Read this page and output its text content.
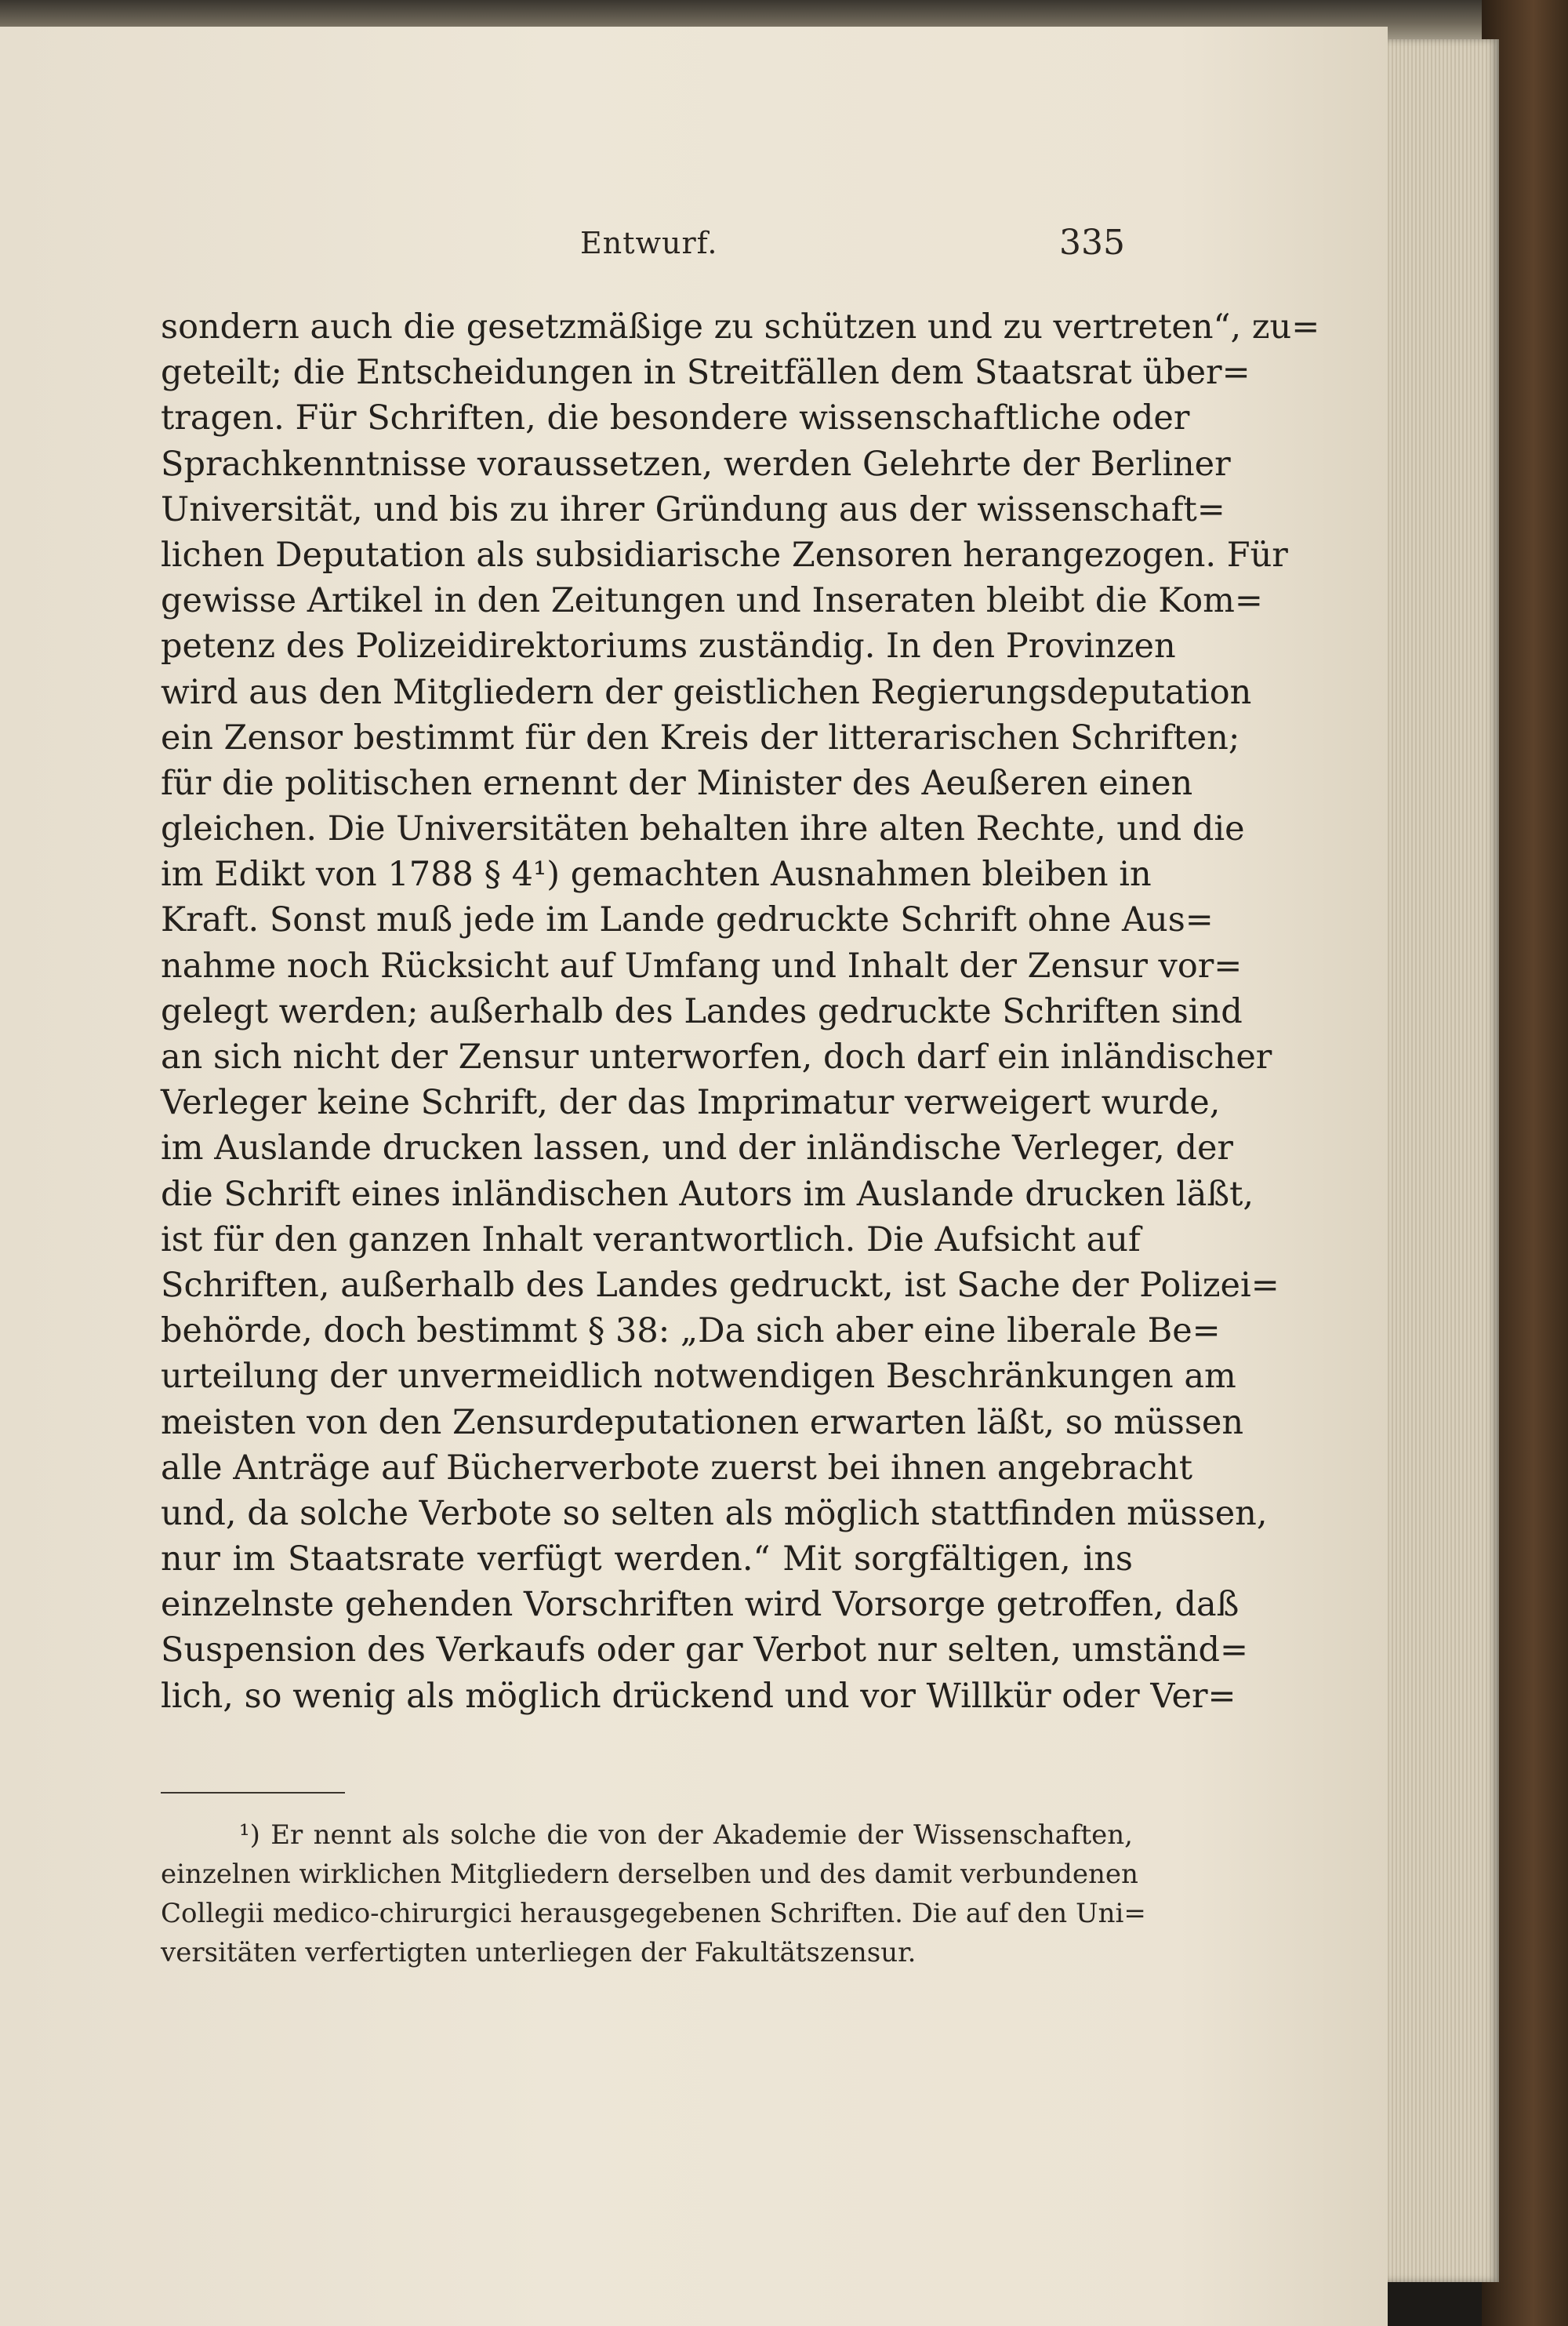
Entwurf.	335
sondern auch die gesetzmäßige zu schützen und zu vertreten“, zu=
geteilt; die Entscheidungen in Streitfällen dem Staatsrat über=
tragen. Für Schriften, die besondere wissenschaftliche oder
Sprachkenntnisse voraussetzen, werden Gelehrte der Berliner
Universität, und bis zu ihrer Gründung aus der wissenschaft=
lichen Deputation als subsidiarische Zensoren herangezogen. Für
gewisse Artikel in den Zeitungen und Inseraten bleibt die Kom=
petenz des Polizeidirektoriums zuständig. In den Provinzen
wird aus den Mitgliedern der geistlichen Regierungsdeputation
ein Zensor bestimmt für den Kreis der litterarischen Schriften;
für die politischen ernennt der Minister des Aeußeren einen
gleichen. Die Universitäten behalten ihre alten Rechte, und die
im Edikt von 1788 § 4¹) gemachten Ausnahmen bleiben in
Kraft. Sonst muß jede im Lande gedruckte Schrift ohne Aus=
nahme noch Rücksicht auf Umfang und Inhalt der Zensur vor=
gelegt werden; außerhalb des Landes gedruckte Schriften sind
an sich nicht der Zensur unterworfen, doch darf ein inländischer
Verleger keine Schrift, der das Imprimatur verweigert wurde,
im Auslande drucken lassen, und der inländische Verleger, der
die Schrift eines inländischen Autors im Auslande drucken läßt,
ist für den ganzen Inhalt verantwortlich. Die Aufsicht auf
Schriften, außerhalb des Landes gedruckt, ist Sache der Polizei=
behörde, doch bestimmt § 38: „Da sich aber eine liberale Be=
urteilung der unvermeidlich notwendigen Beschränkungen am
meisten von den Zensurdeputationen erwarten läßt, so müssen
alle Anträge auf Bücherverbote zuerst bei ihnen angebracht
und, da solche Verbote so selten als möglich stattfinden müssen,
nur im Staatsrate verfügt werden.“ Mit sorgfältigen, ins
einzelnste gehenden Vorschriften wird Vorsorge getroffen, daß
Suspension des Verkaufs oder gar Verbot nur selten, umständ=
lich, so wenig als möglich drückend und vor Willkür oder Ver=
¹) Er nennt als solche die von der Akademie der Wissenschaften,
einzelnen wirklichen Mitgliedern derselben und des damit verbundenen
Collegii medico-chirurgici herausgegebenen Schriften. Die auf den Uni=
versitäten verfertigten unterliegen der Fakultätszensur.
